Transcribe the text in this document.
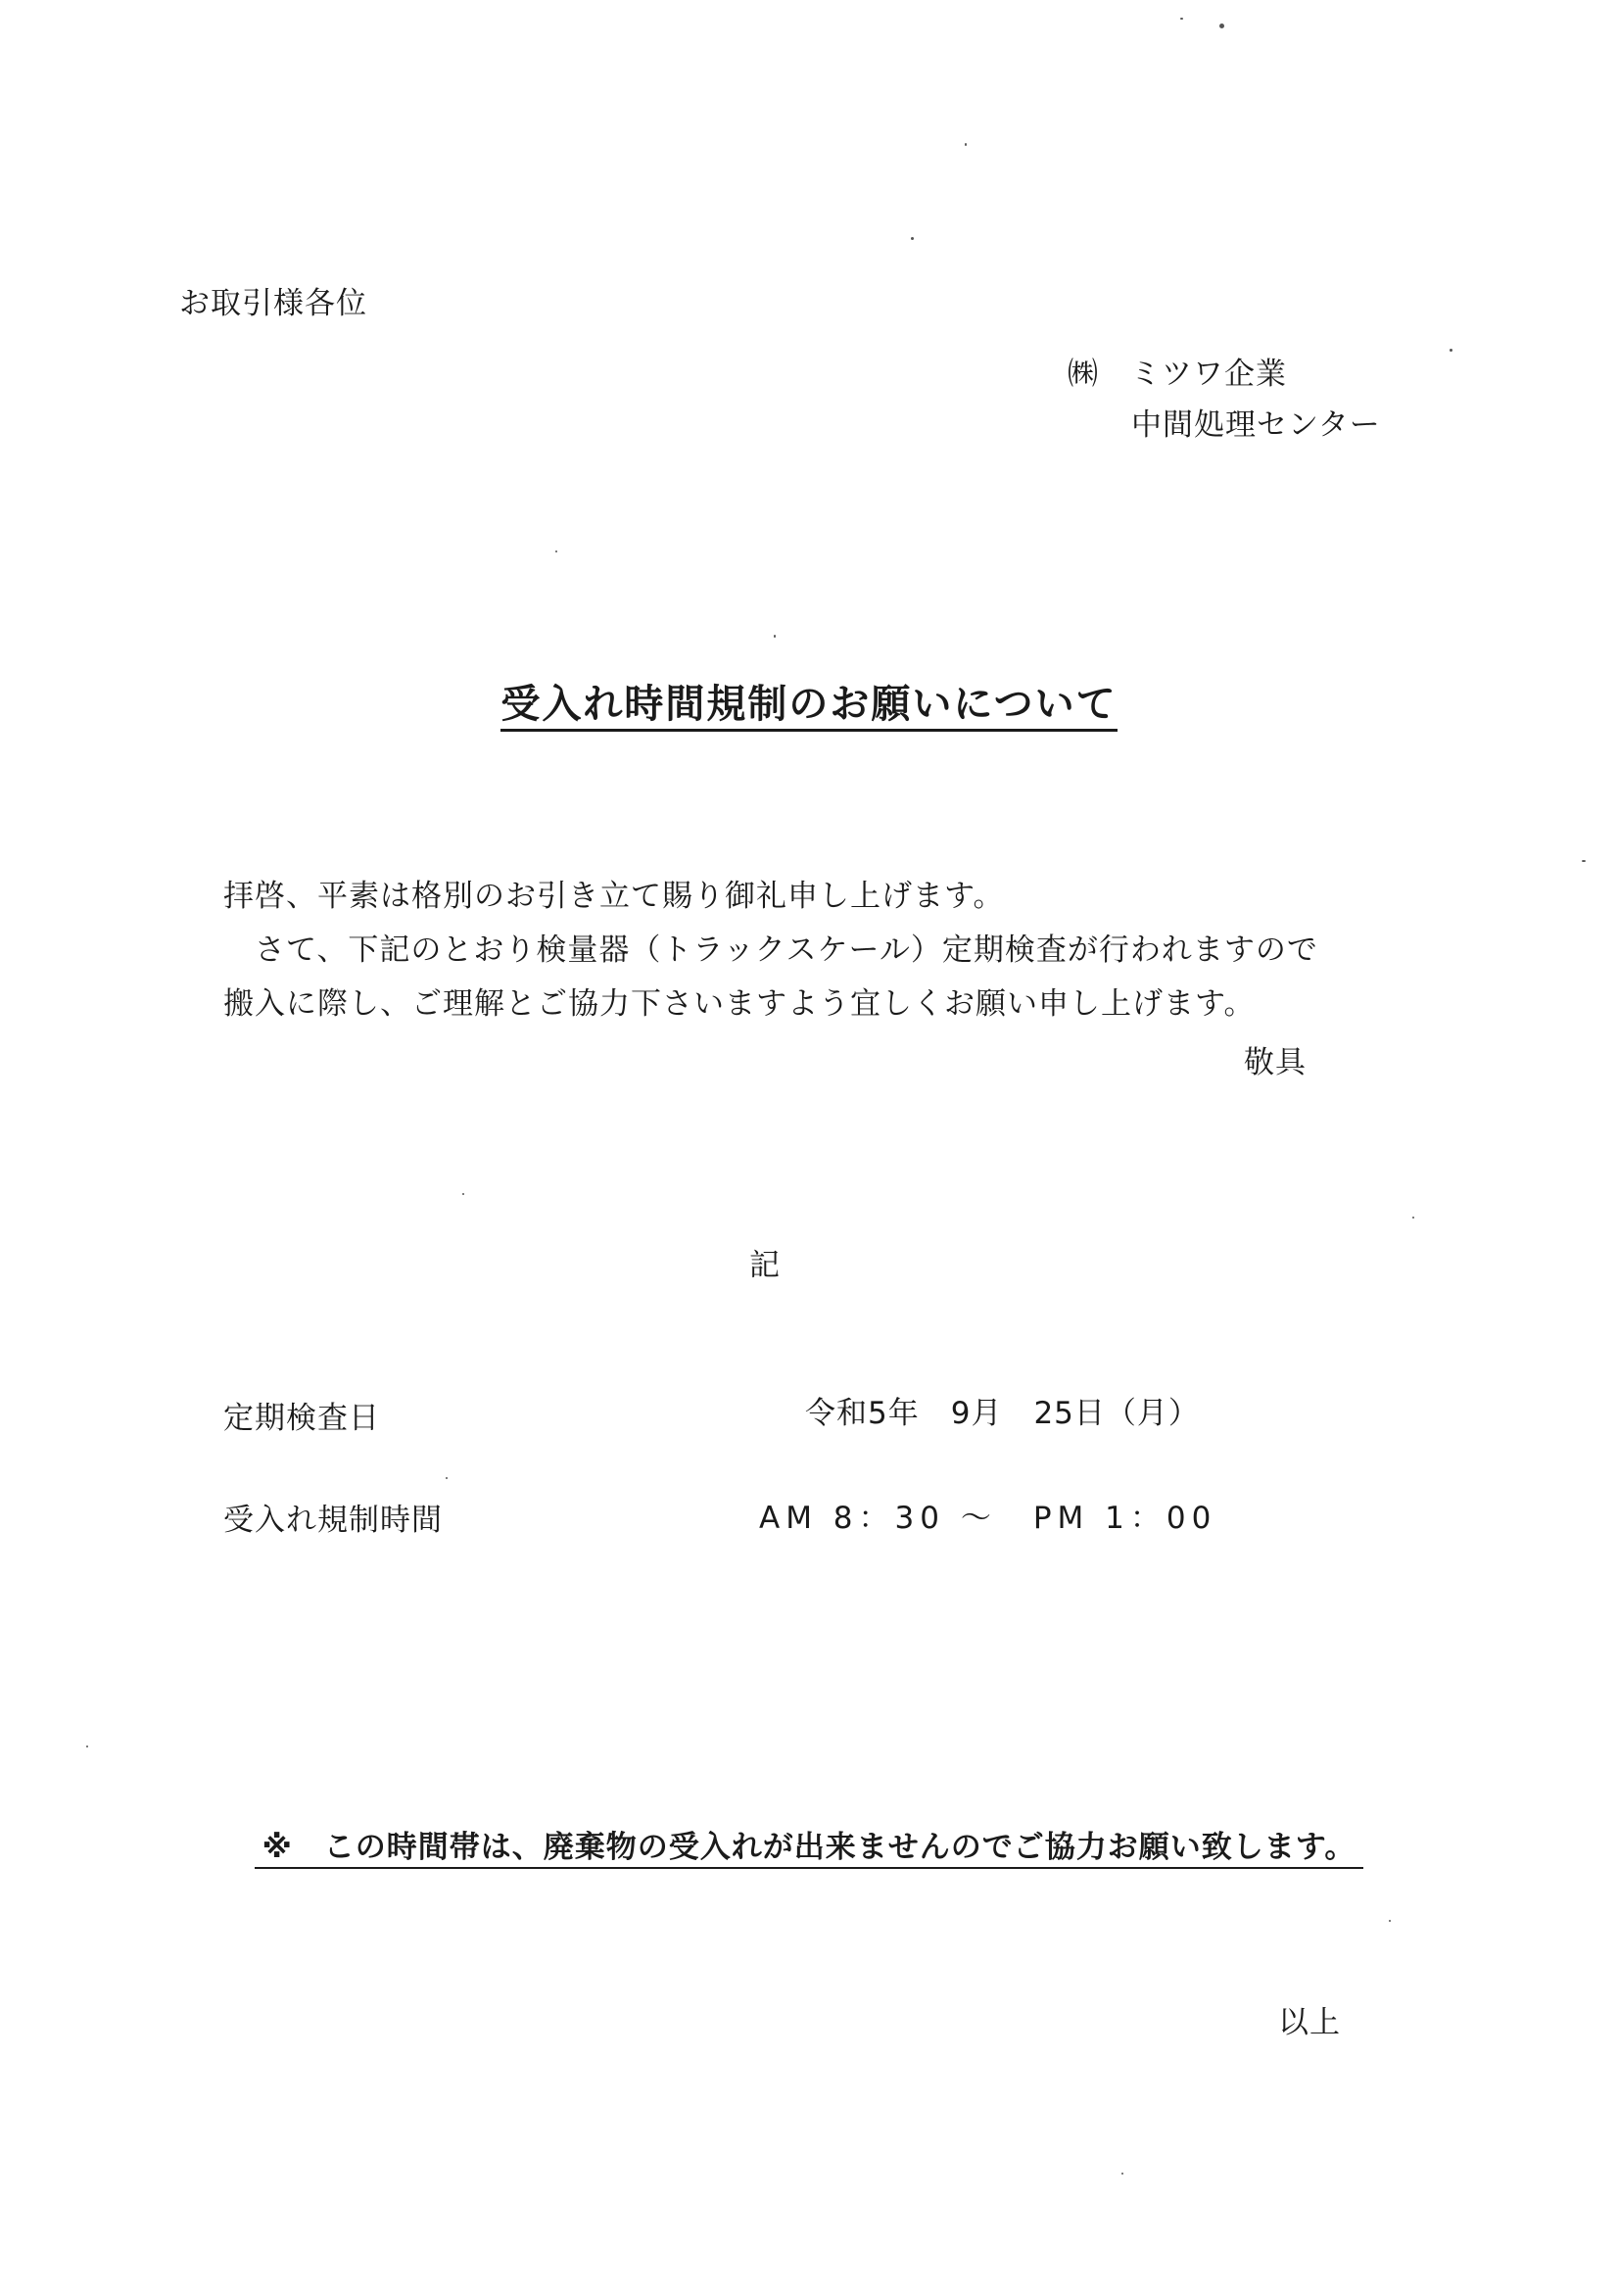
お取引様各位
㈱　ミツワ企業
中間処理センター
受入れ時間規制のお願いについて
拝啓、平素は格別のお引き立て賜り御礼申し上げます。
　さて、下記のとおり検量器（トラックスケール）定期検査が行われますので
搬入に際し、ご理解とご協力下さいますよう宜しくお願い申し上げます。
敬具
記
定期検査日	令和5年　9月　25日（月）
受入れ規制時間	AM 8：30 ～　PM 1：00
※　この時間帯は、廃棄物の受入れが出来ませんのでご協力お願い致します。
以上
